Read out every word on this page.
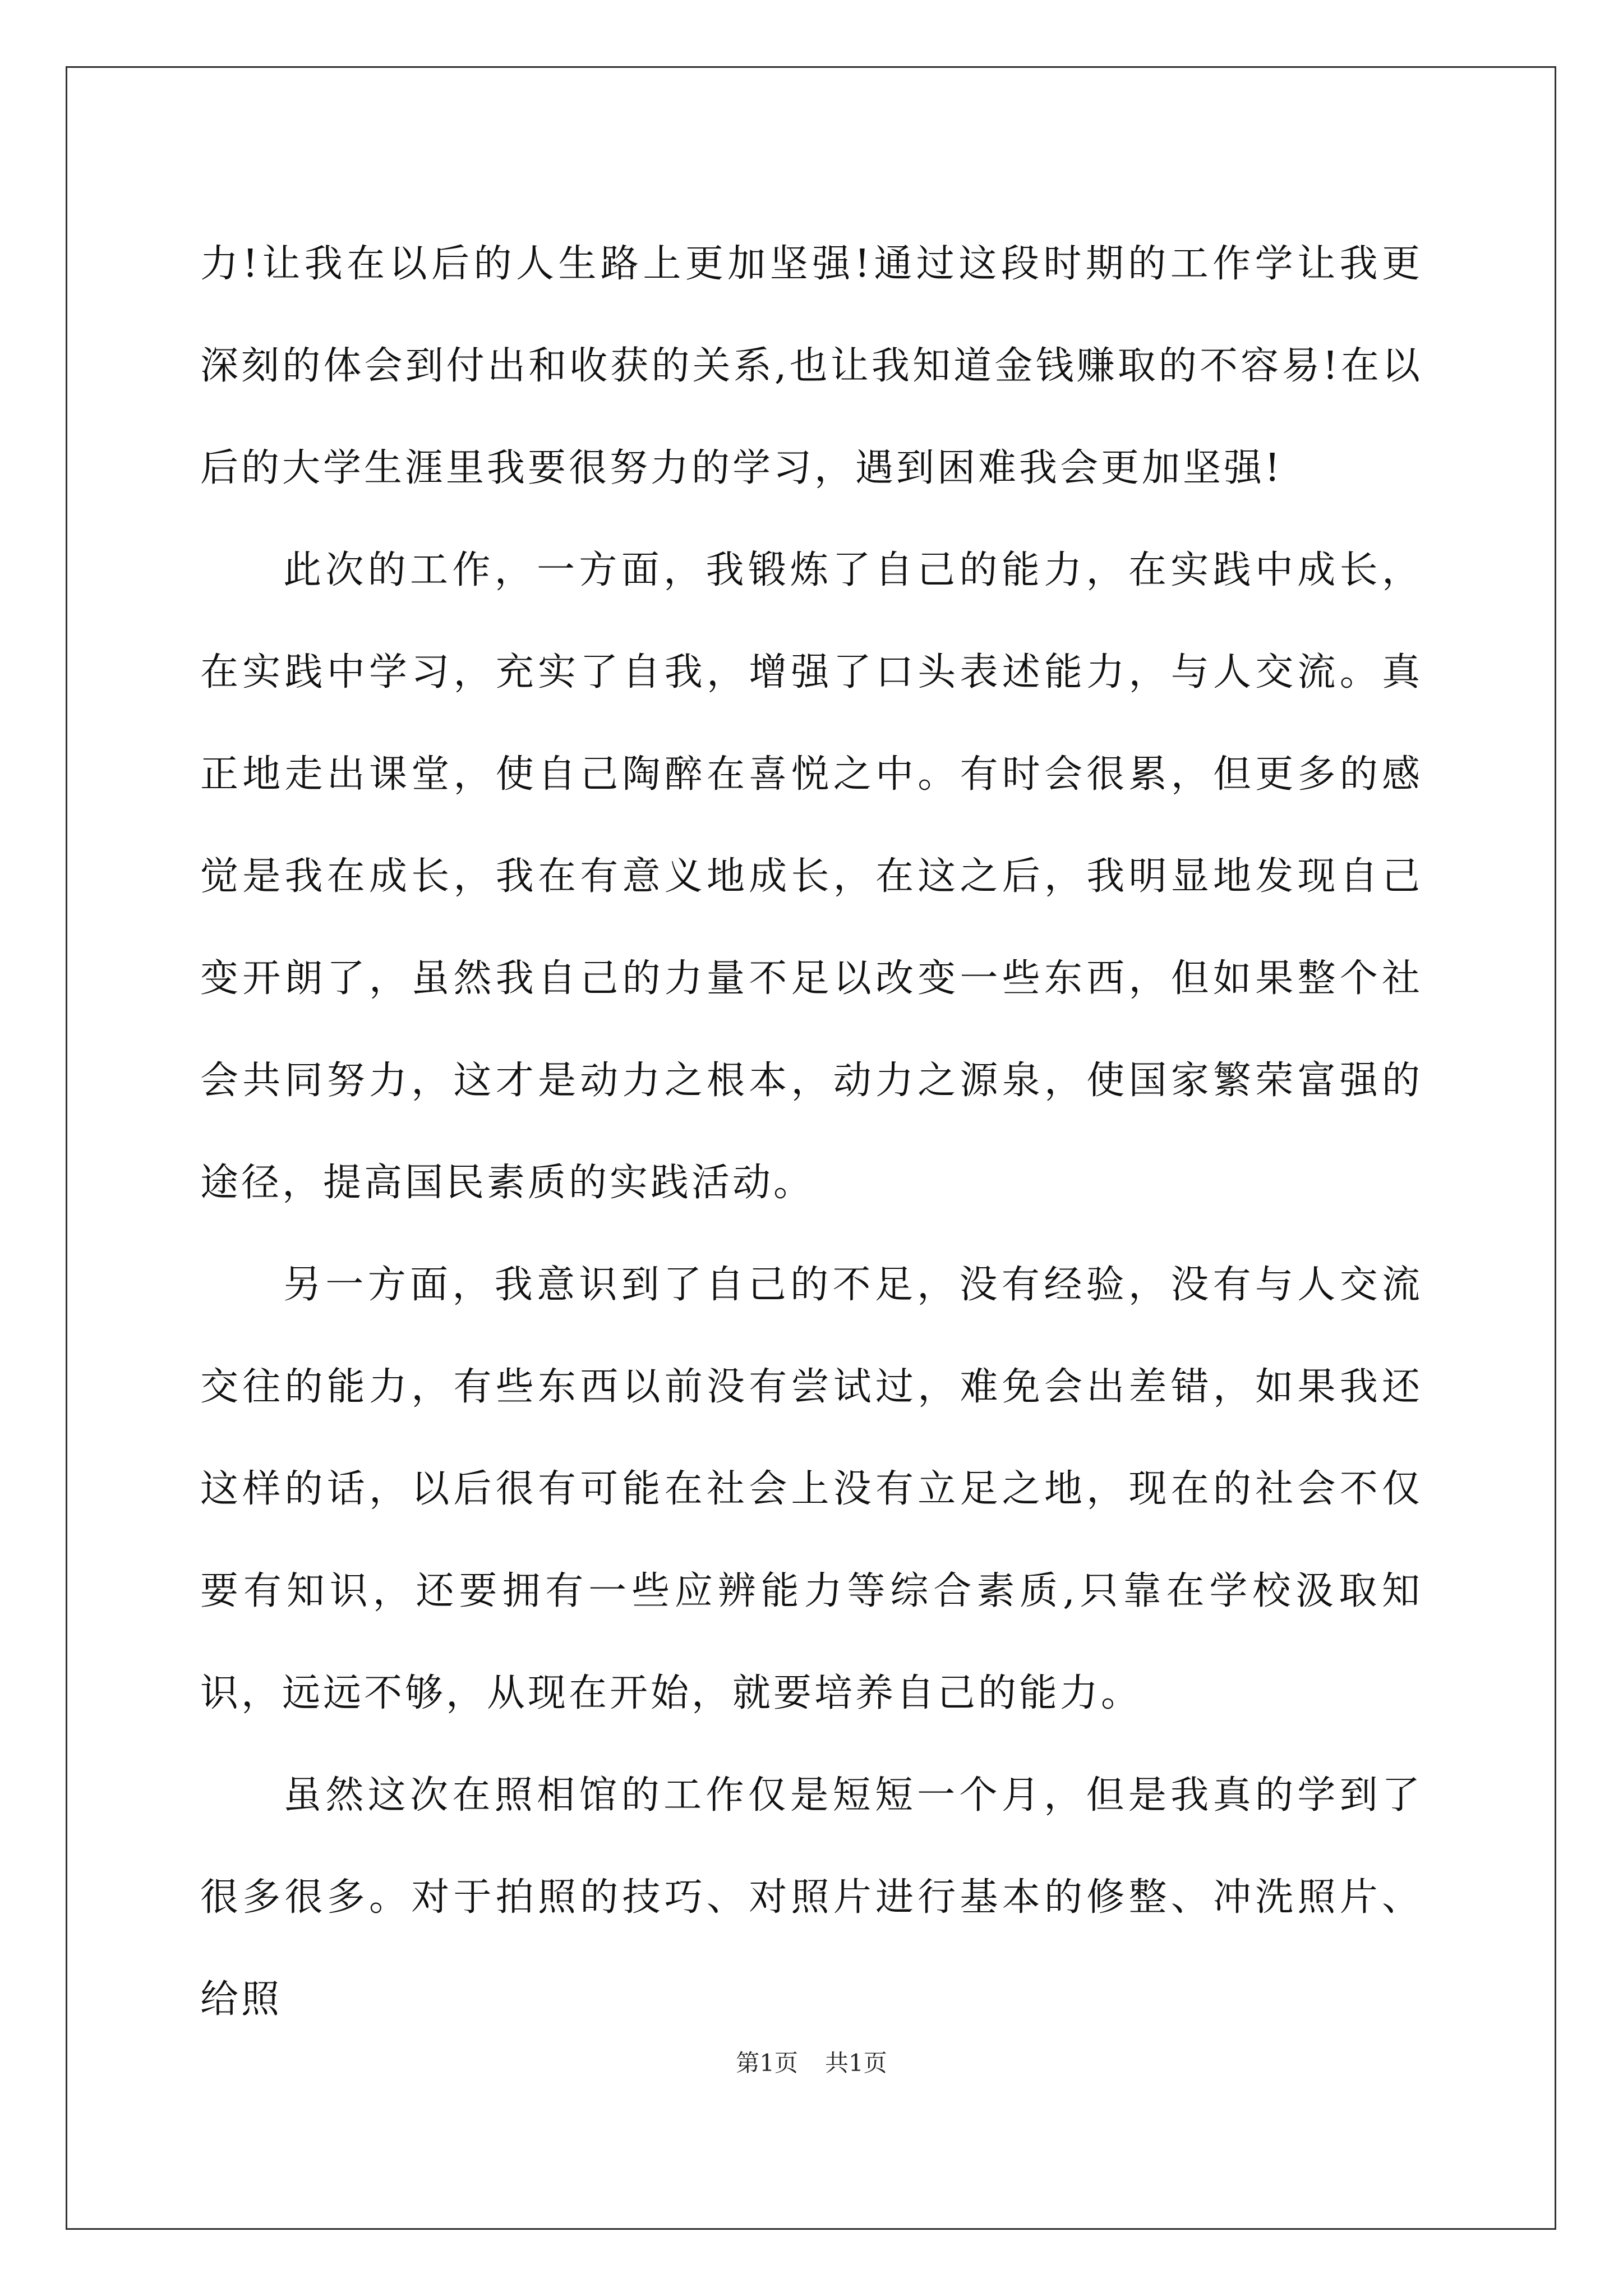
力!让我在以后的人生路上更加坚强!通过这段时期的工作学让我更深刻的体会到付出和收获的关系,也让我知道金钱赚取的不容易!在以后的大学生涯里我要很努力的学习，遇到困难我会更加坚强!

此次的工作，一方面，我锻炼了自己的能力，在实践中成长，在实践中学习，充实了自我，增强了口头表述能力，与人交流。真正地走出课堂，使自己陶醉在喜悦之中。有时会很累，但更多的感觉是我在成长，我在有意义地成长，在这之后，我明显地发现自己变开朗了，虽然我自己的力量不足以改变一些东西，但如果整个社会共同努力，这才是动力之根本，动力之源泉，使国家繁荣富强的途径，提高国民素质的实践活动。

另一方面，我意识到了自己的不足，没有经验，没有与人交流交往的能力，有些东西以前没有尝试过，难免会出差错，如果我还这样的话，以后很有可能在社会上没有立足之地，现在的社会不仅要有知识，还要拥有一些应辨能力等综合素质,只靠在学校汲取知识，远远不够，从现在开始，就要培养自己的能力。

虽然这次在照相馆的工作仅是短短一个月，但是我真的学到了很多很多。对于拍照的技巧、对照片进行基本的修整、冲洗照片、给照

第1页 共1页
